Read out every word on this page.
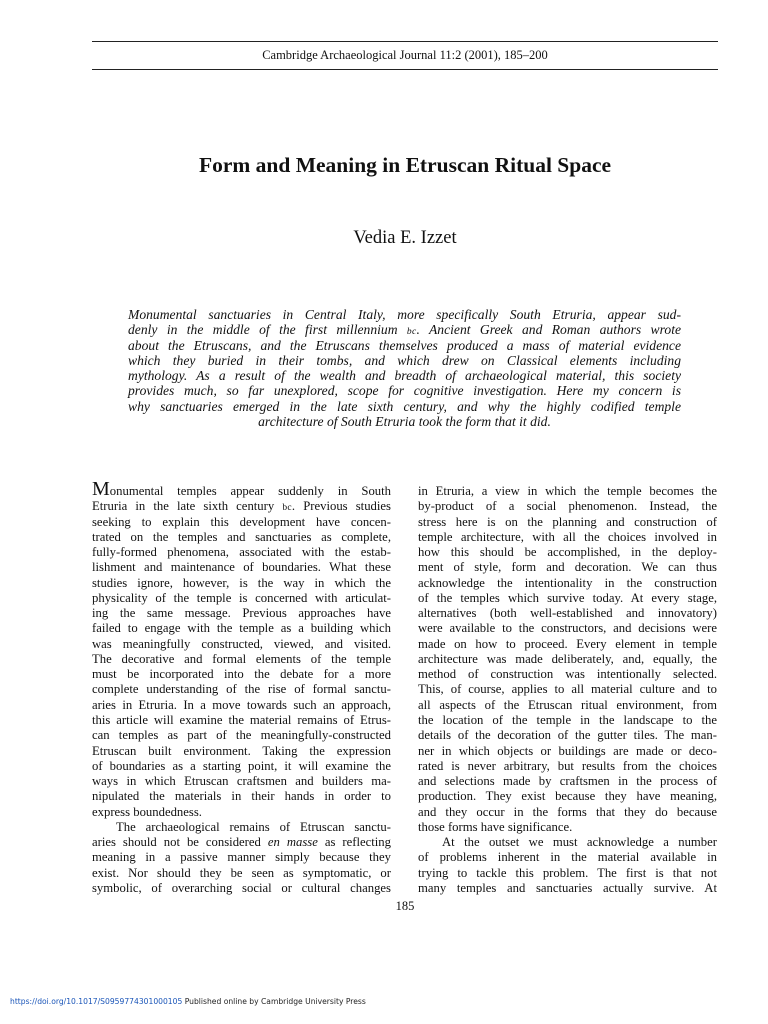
Cambridge Archaeological Journal 11:2 (2001), 185–200
Form and Meaning in Etruscan Ritual Space
Vedia E. Izzet
Monumental sanctuaries in Central Italy, more specifically South Etruria, appear sud-
denly in the middle of the first millennium bc. Ancient Greek and Roman authors wrote
about the Etruscans, and the Etruscans themselves produced a mass of material evidence
which they buried in their tombs, and which drew on Classical elements including
mythology. As a result of the wealth and breadth of archaeological material, this society
provides much, so far unexplored, scope for cognitive investigation. Here my concern is
why sanctuaries emerged in the late sixth century, and why the highly codified temple
architecture of South Etruria took the form that it did.
Monumental temples appear suddenly in South
Etruria in the late sixth century bc. Previous studies
seeking to explain this development have concen-
trated on the temples and sanctuaries as complete,
fully-formed phenomena, associated with the estab-
lishment and maintenance of boundaries. What these
studies ignore, however, is the way in which the
physicality of the temple is concerned with articulat-
ing the same message. Previous approaches have
failed to engage with the temple as a building which
was meaningfully constructed, viewed, and visited.
The decorative and formal elements of the temple
must be incorporated into the debate for a more
complete understanding of the rise of formal sanctu-
aries in Etruria. In a move towards such an approach,
this article will examine the material remains of Etrus-
can temples as part of the meaningfully-constructed
Etruscan built environment. Taking the expression
of boundaries as a starting point, it will examine the
ways in which Etruscan craftsmen and builders ma-
nipulated the materials in their hands in order to
express boundedness.
The archaeological remains of Etruscan sanctu-
aries should not be considered en masse as reflecting
meaning in a passive manner simply because they
exist. Nor should they be seen as symptomatic, or
symbolic, of overarching social or cultural changes
in Etruria, a view in which the temple becomes the
by-product of a social phenomenon. Instead, the
stress here is on the planning and construction of
temple architecture, with all the choices involved in
how this should be accomplished, in the deploy-
ment of style, form and decoration. We can thus
acknowledge the intentionality in the construction
of the temples which survive today. At every stage,
alternatives (both well-established and innovatory)
were available to the constructors, and decisions were
made on how to proceed. Every element in temple
architecture was made deliberately, and, equally, the
method of construction was intentionally selected.
This, of course, applies to all material culture and to
all aspects of the Etruscan ritual environment, from
the location of the temple in the landscape to the
details of the decoration of the gutter tiles. The man-
ner in which objects or buildings are made or deco-
rated is never arbitrary, but results from the choices
and selections made by craftsmen in the process of
production. They exist because they have meaning,
and they occur in the forms that they do because
those forms have significance.
At the outset we must acknowledge a number
of problems inherent in the material available in
trying to tackle this problem. The first is that not
many temples and sanctuaries actually survive. At
185
https://doi.org/10.1017/S0959774301000105 Published online by Cambridge University Press
